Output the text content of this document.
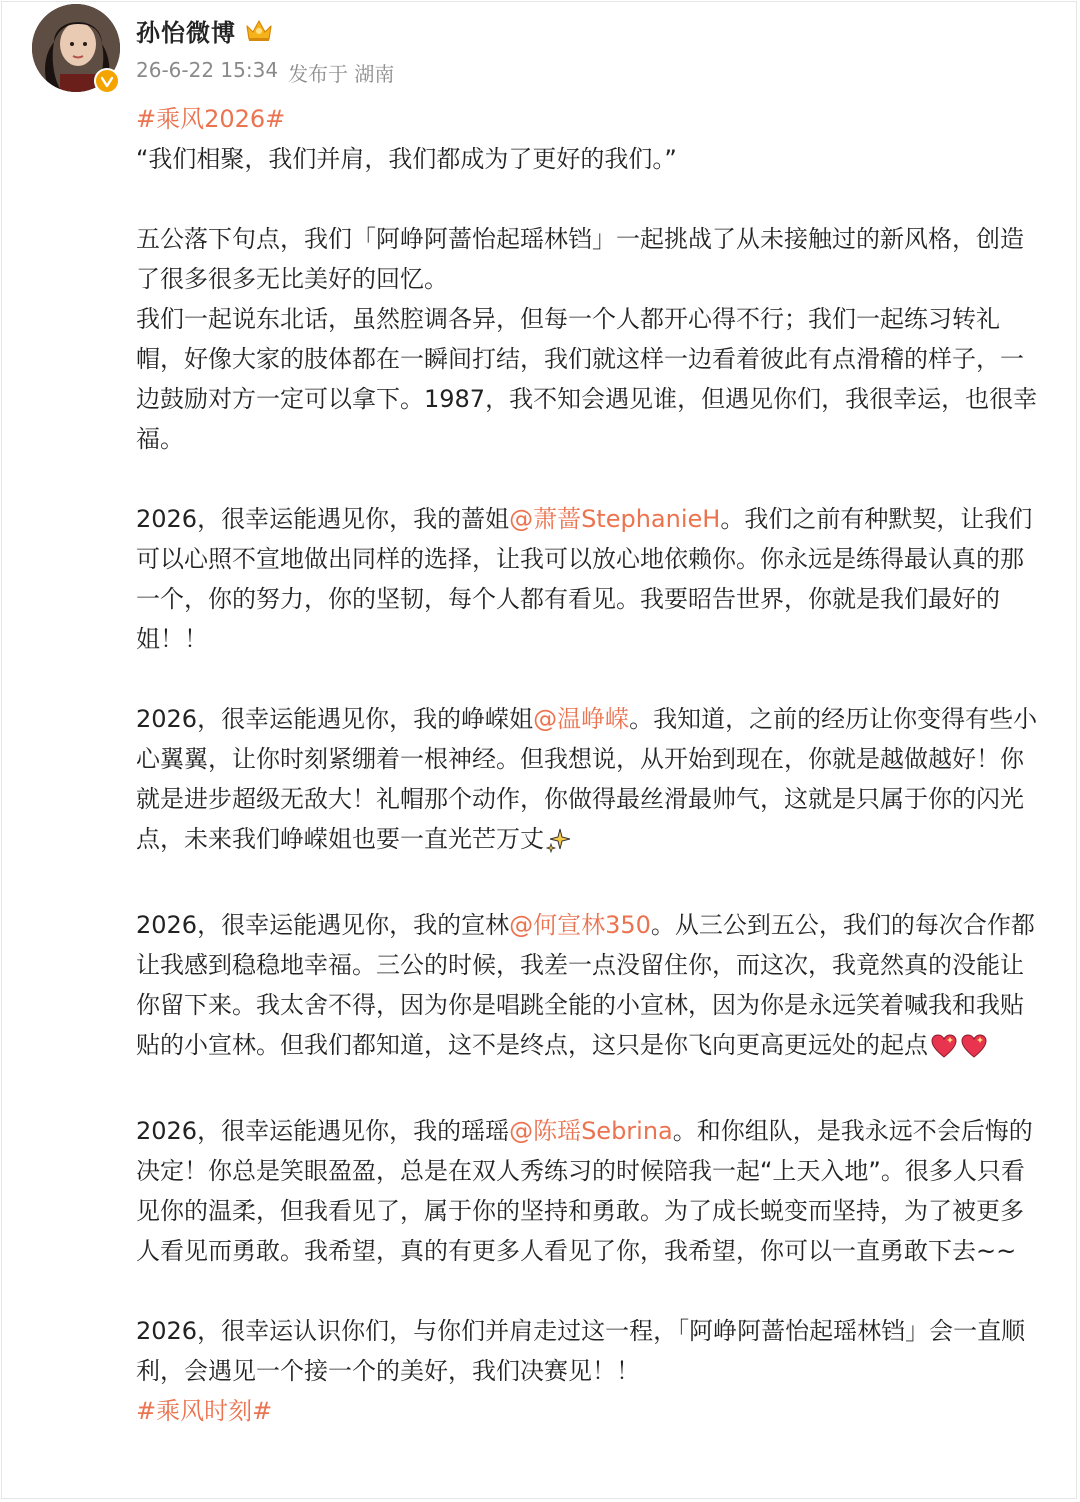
孙怡微博
26-6-22 15:34 发布于 湖南

#乘风2026#

“我们相聚，我们并肩，我们都成为了更好的我们。”

五公落下句点，我们「阿峥阿蔷怡起瑶林铛」一起挑战了从未接触过的新风格，创造了很多很多无比美好的回忆。

我们一起说东北话，虽然腔调各异，但每一个人都开心得不行；我们一起练习转礼帽，好像大家的肢体都在一瞬间打结，我们就这样一边看着彼此有点滑稽的样子，一边鼓励对方一定可以拿下。1987，我不知会遇见谁，但遇见你们，我很幸运，也很幸福。

2026，很幸运能遇见你，我的蔷姐@萧蔷StephanieH。我们之前有种默契，让我们可以心照不宣地做出同样的选择，让我可以放心地依赖你。你永远是练得最认真的那一个，你的努力，你的坚韧，每个人都有看见。我要昭告世界，你就是我们最好的姐！！

2026，很幸运能遇见你，我的峥嵘姐@温峥嵘。我知道，之前的经历让你变得有些小心翼翼，让你时刻紧绷着一根神经。但我想说，从开始到现在，你就是越做越好！你就是进步超级无敌大！礼帽那个动作，你做得最丝滑最帅气，这就是只属于你的闪光点，未来我们峥嵘姐也要一直光芒万丈

2026，很幸运能遇见你，我的宣林@何宣林350。从三公到五公，我们的每次合作都让我感到稳稳地幸福。三公的时候，我差一点没留住你，而这次，我竟然真的没能让你留下来。我太舍不得，因为你是唱跳全能的小宣林，因为你是永远笑着喊我和我贴贴的小宣林。但我们都知道，这不是终点，这只是你飞向更高更远处的起点

2026，很幸运能遇见你，我的瑶瑶@陈瑶Sebrina。和你组队，是我永远不会后悔的决定！你总是笑眼盈盈，总是在双人秀练习的时候陪我一起“上天入地”。很多人只看见你的温柔，但我看见了，属于你的坚持和勇敢。为了成长蜕变而坚持，为了被更多人看见而勇敢。我希望，真的有更多人看见了你，我希望，你可以一直勇敢下去~~

2026，很幸运认识你们，与你们并肩走过这一程，「阿峥阿蔷怡起瑶林铛」会一直顺利，会遇见一个接一个的美好，我们决赛见！！

#乘风时刻#
